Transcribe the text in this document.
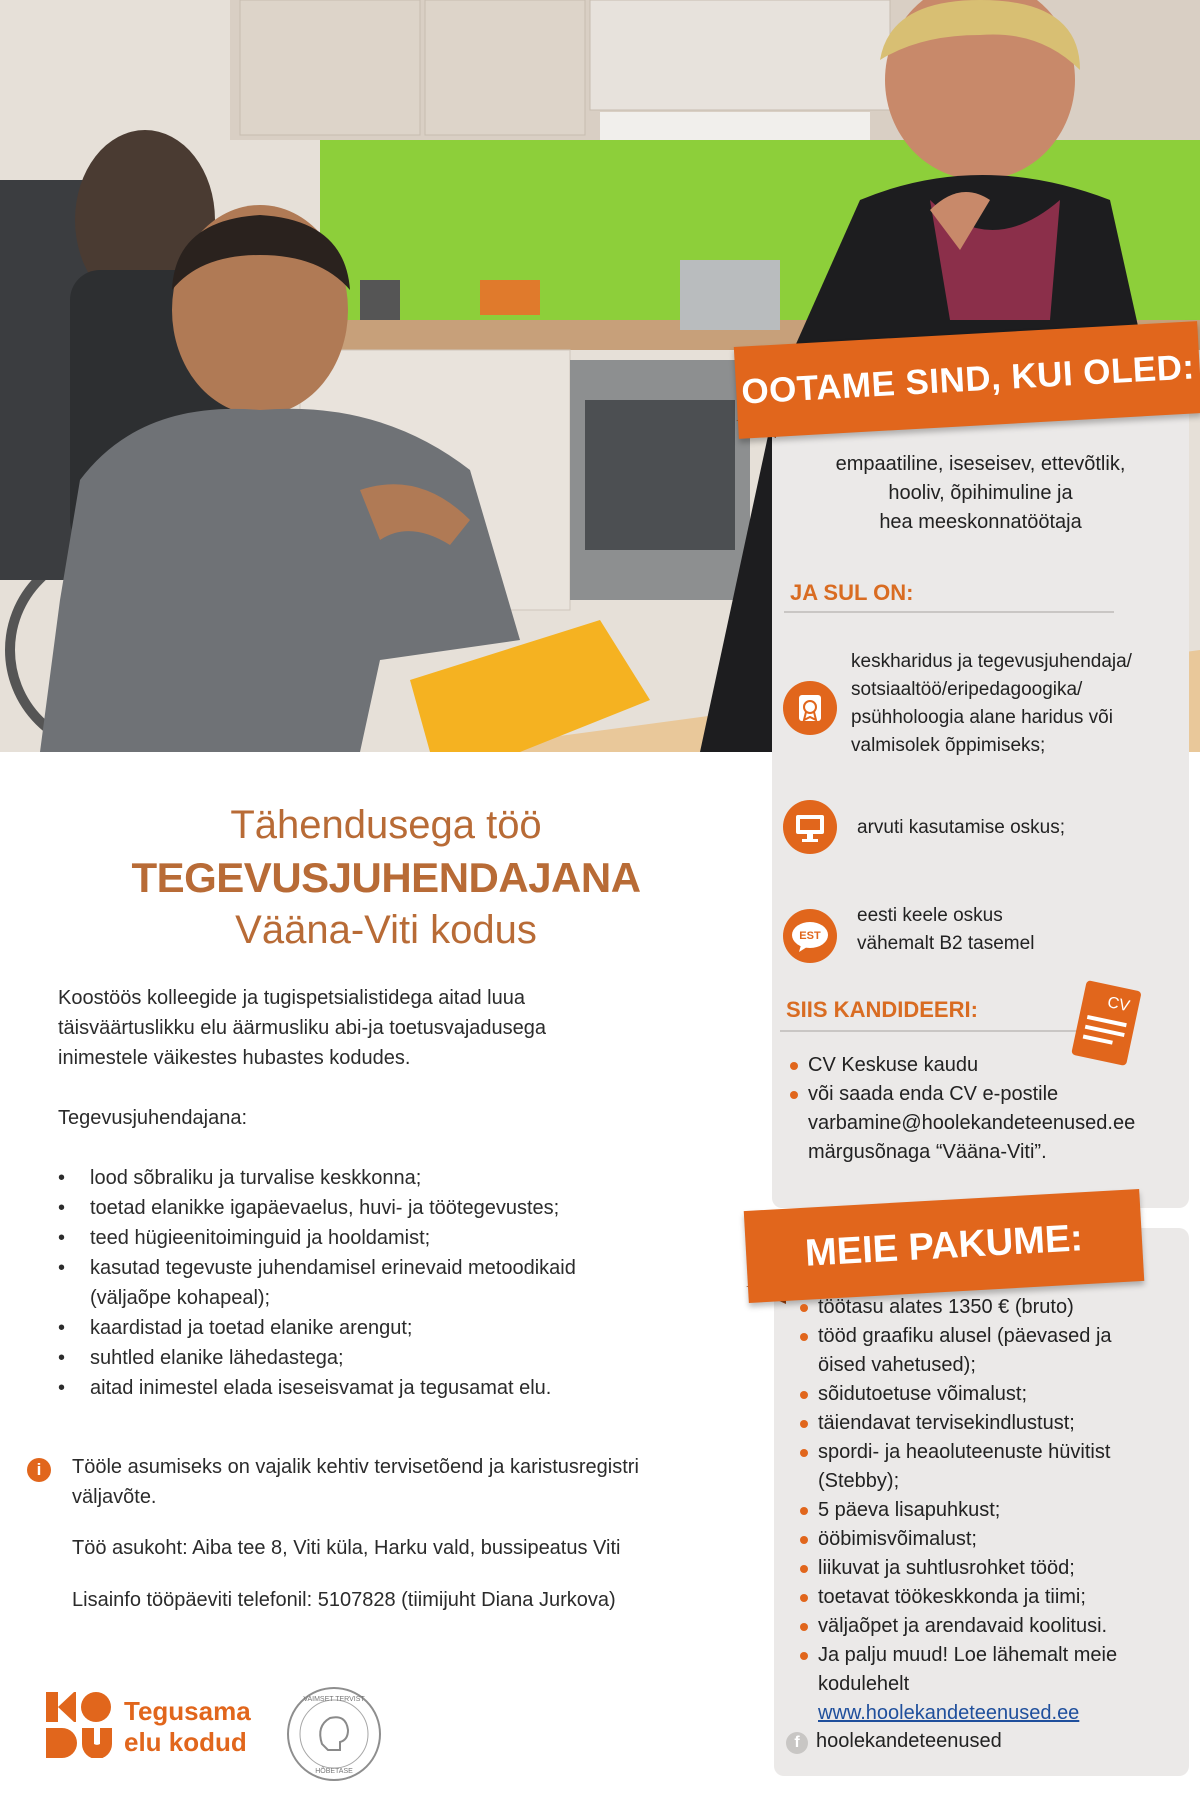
Tähendusega töö
TEGEVUSJUHENDAJANA
Vääna-Viti kodus
Koostöös kolleegide ja tugispetsialistidega aitad luua
täisväärtuslikku elu äärmusliku abi-ja toetusvajadusega
inimestele väikestes hubastes kodudes.
Tegevusjuhendajana:
• lood sõbraliku ja turvalise keskkonna;
• toetad elanikke igapäevaelus, huvi- ja töötegevustes;
• teed hügieenitoiminguid ja hooldamist;
• kasutad tegevuste juhendamisel erinevaid metoodikaid
(väljaõpe kohapeal);
• kaardistad ja toetad elanike arengut;
• suhtled elanike lähedastega;
• aitad inimestel elada iseseisvamat ja tegusamat elu.
i	Tööle asumiseks on vajalik kehtiv tervisetõend ja karistusregistri
väljavõte.
Töö asukoht: Aiba tee 8, Viti küla, Harku vald, bussipeatus Viti
Lisainfo tööpäeviti telefonil: 5107828 (tiimijuht Diana Jurkova)
Tegusama
elu kodud
VAIMSET TERVIST
HÕBETASE
OOTAME SIND, KUI OLED:
empaatiline, iseseisev, ettevõtlik,
hooliv, õpihimuline ja
hea meeskonnatöötaja
JA SUL ON:
keskharidus ja tegevusjuhendaja/
sotsiaaltöö/eripedagoogika/
psühholoogia alane haridus või
valmisolek õppimiseks;
arvuti kasutamise oskus;
EST
eesti keele oskus
vähemalt B2 tasemel
SIIS KANDIDEERI:	CV
CV Keskuse kaudu
või saada enda CV e-postile
varbamine@hoolekandeteenused.ee
märgusõnaga “Vääna-Viti”.
MEIE PAKUME:
töötasu alates 1350 € (bruto)
tööd graafiku alusel (päevased ja
öised vahetused);
sõidutoetuse võimalust;
täiendavat tervisekindlustust;
spordi- ja heaoluteenuste hüvitist
(Stebby);
5 päeva lisapuhkust;
ööbimisvõimalust;
liikuvat ja suhtlusrohket tööd;
toetavat töökeskkonda ja tiimi;
väljaõpet ja arendavaid koolitusi.
Ja palju muud! Loe lähemalt meie
kodulehelt
www.hoolekandeteenused.ee
f hoolekandeteenused
